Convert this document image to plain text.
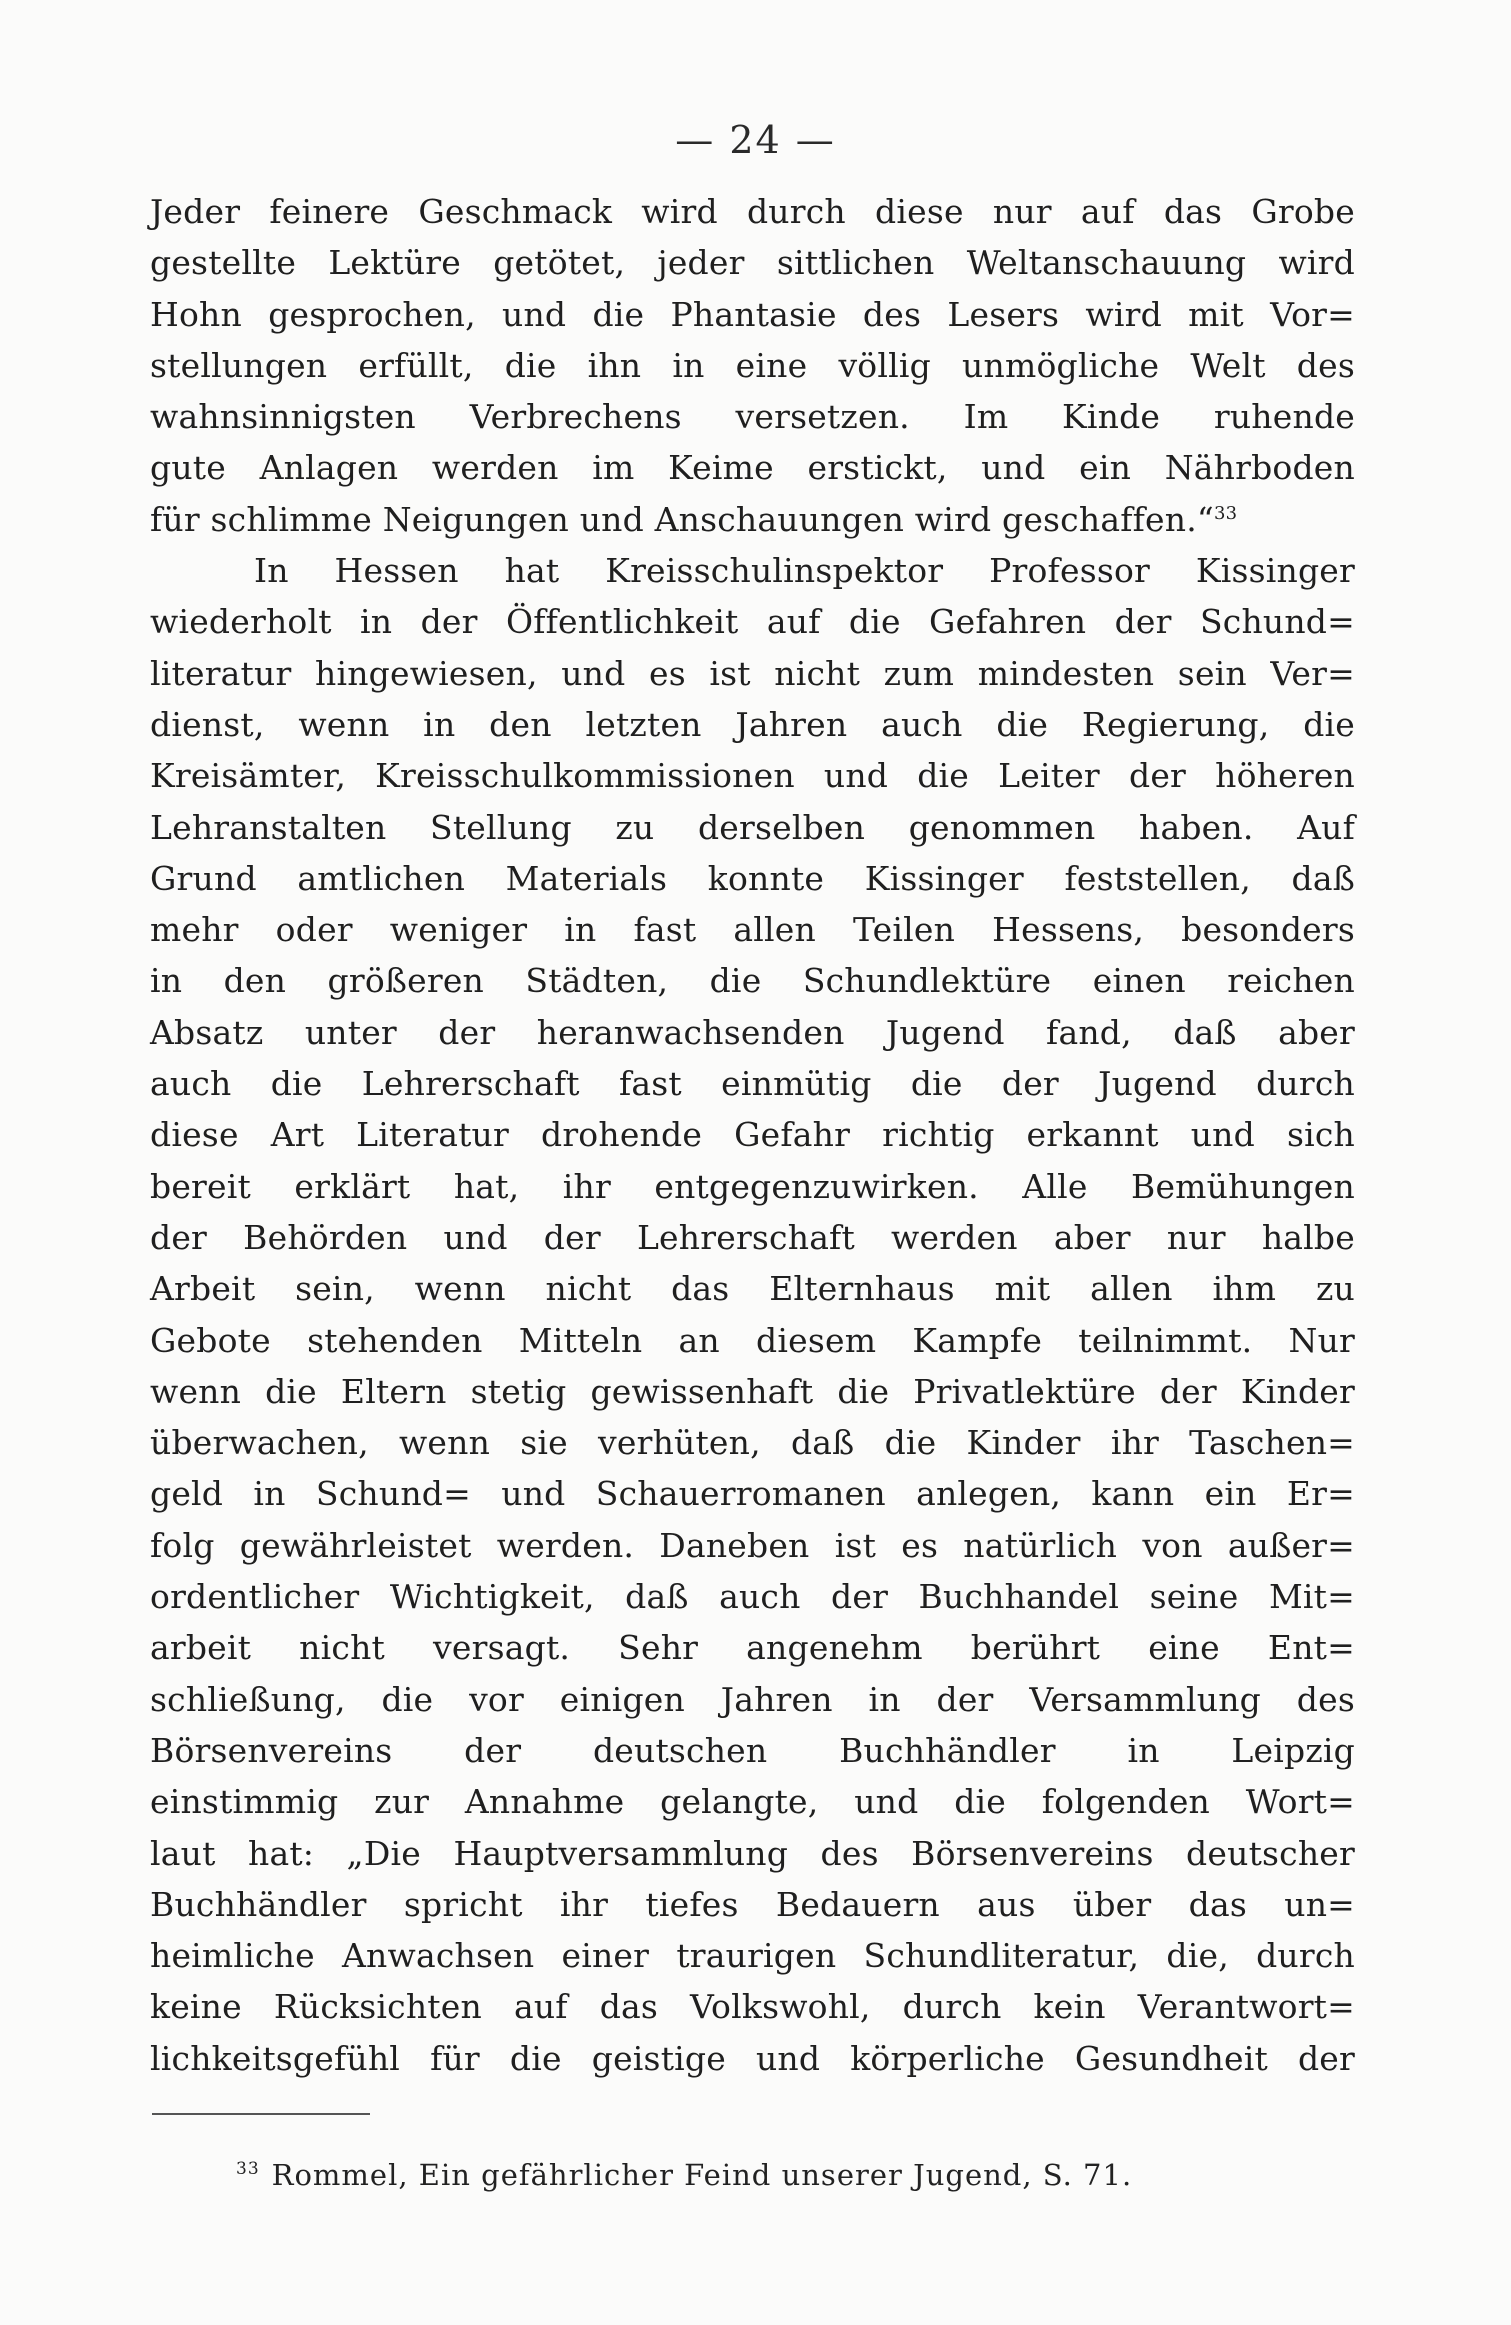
— 24 —
Jeder feinere Geschmack wird durch diese nur auf das Grobe
gestellte Lektüre getötet, jeder sittlichen Weltanschauung wird
Hohn gesprochen, und die Phantasie des Lesers wird mit Vor=
stellungen erfüllt, die ihn in eine völlig unmögliche Welt des
wahnsinnigsten Verbrechens versetzen. Im Kinde ruhende
gute Anlagen werden im Keime erstickt, und ein Nährboden
für schlimme Neigungen und Anschauungen wird geschaffen.“$^{33}$
In Hessen hat Kreisschulinspektor Professor Kissinger
wiederholt in der Öffentlichkeit auf die Gefahren der Schund=
literatur hingewiesen, und es ist nicht zum mindesten sein Ver=
dienst, wenn in den letzten Jahren auch die Regierung, die
Kreisämter, Kreisschulkommissionen und die Leiter der höheren
Lehranstalten Stellung zu derselben genommen haben. Auf
Grund amtlichen Materials konnte Kissinger feststellen, daß
mehr oder weniger in fast allen Teilen Hessens, besonders
in den größeren Städten, die Schundlektüre einen reichen
Absatz unter der heranwachsenden Jugend fand, daß aber
auch die Lehrerschaft fast einmütig die der Jugend durch
diese Art Literatur drohende Gefahr richtig erkannt und sich
bereit erklärt hat, ihr entgegenzuwirken. Alle Bemühungen
der Behörden und der Lehrerschaft werden aber nur halbe
Arbeit sein, wenn nicht das Elternhaus mit allen ihm zu
Gebote stehenden Mitteln an diesem Kampfe teilnimmt. Nur
wenn die Eltern stetig gewissenhaft die Privatlektüre der Kinder
überwachen, wenn sie verhüten, daß die Kinder ihr Taschen=
geld in Schund= und Schauerromanen anlegen, kann ein Er=
folg gewährleistet werden. Daneben ist es natürlich von außer=
ordentlicher Wichtigkeit, daß auch der Buchhandel seine Mit=
arbeit nicht versagt. Sehr angenehm berührt eine Ent=
schließung, die vor einigen Jahren in der Versammlung des
Börsenvereins der deutschen Buchhändler in Leipzig
einstimmig zur Annahme gelangte, und die folgenden Wort=
laut hat: „Die Hauptversammlung des Börsenvereins deutscher
Buchhändler spricht ihr tiefes Bedauern aus über das un=
heimliche Anwachsen einer traurigen Schundliteratur, die, durch
keine Rücksichten auf das Volkswohl, durch kein Verantwort=
lichkeitsgefühl für die geistige und körperliche Gesundheit der
$^{33}$ Rommel, Ein gefährlicher Feind unserer Jugend, S. 71.
